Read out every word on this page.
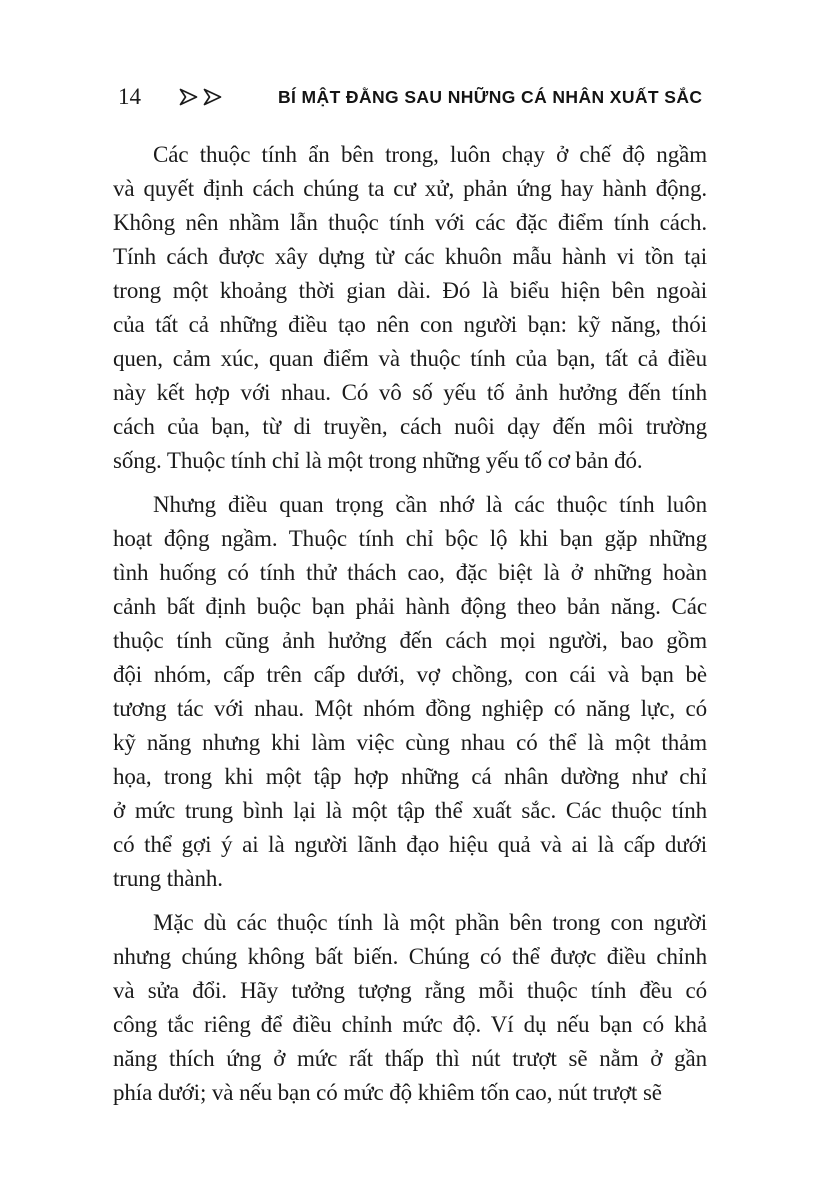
14	BÍ MẬT ĐẰNG SAU NHỮNG CÁ NHÂN XUẤT SẮC
Các thuộc tính ẩn bên trong, luôn chạy ở chế độ ngầm
và quyết định cách chúng ta cư xử, phản ứng hay hành động.
Không nên nhầm lẫn thuộc tính với các đặc điểm tính cách.
Tính cách được xây dựng từ các khuôn mẫu hành vi tồn tại
trong một khoảng thời gian dài. Đó là biểu hiện bên ngoài
của tất cả những điều tạo nên con người bạn: kỹ năng, thói
quen, cảm xúc, quan điểm và thuộc tính của bạn, tất cả điều
này kết hợp với nhau. Có vô số yếu tố ảnh hưởng đến tính
cách của bạn, từ di truyền, cách nuôi dạy đến môi trường
sống. Thuộc tính chỉ là một trong những yếu tố cơ bản đó.
Nhưng điều quan trọng cần nhớ là các thuộc tính luôn
hoạt động ngầm. Thuộc tính chỉ bộc lộ khi bạn gặp những
tình huống có tính thử thách cao, đặc biệt là ở những hoàn
cảnh bất định buộc bạn phải hành động theo bản năng. Các
thuộc tính cũng ảnh hưởng đến cách mọi người, bao gồm
đội nhóm, cấp trên cấp dưới, vợ chồng, con cái và bạn bè
tương tác với nhau. Một nhóm đồng nghiệp có năng lực, có
kỹ năng nhưng khi làm việc cùng nhau có thể là một thảm
họa, trong khi một tập hợp những cá nhân dường như chỉ
ở mức trung bình lại là một tập thể xuất sắc. Các thuộc tính
có thể gợi ý ai là người lãnh đạo hiệu quả và ai là cấp dưới
trung thành.
Mặc dù các thuộc tính là một phần bên trong con người
nhưng chúng không bất biến. Chúng có thể được điều chỉnh
và sửa đổi. Hãy tưởng tượng rằng mỗi thuộc tính đều có
công tắc riêng để điều chỉnh mức độ. Ví dụ nếu bạn có khả
năng thích ứng ở mức rất thấp thì nút trượt sẽ nằm ở gần
phía dưới; và nếu bạn có mức độ khiêm tốn cao, nút trượt sẽ
